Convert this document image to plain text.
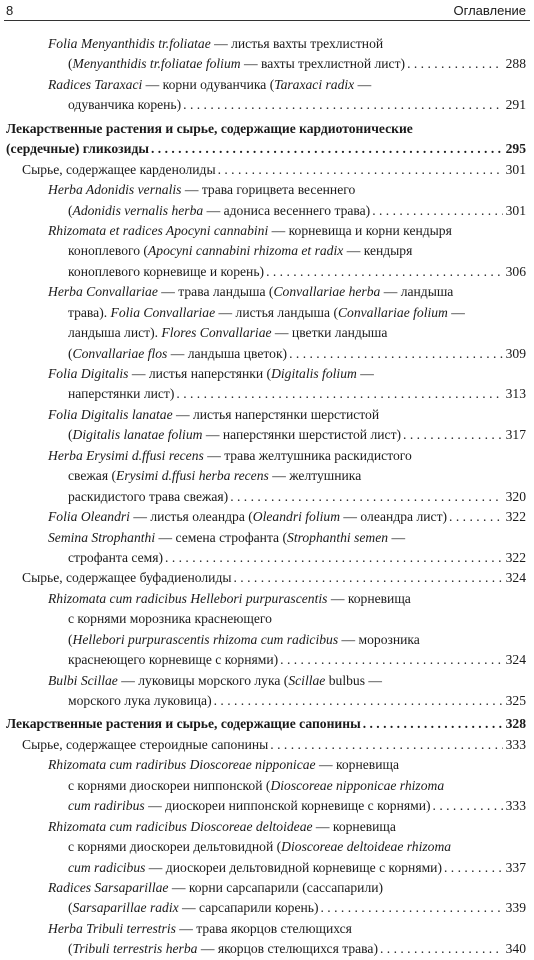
8	Оглавление
Folia Menyanthidis tr.foliatae — листья вахты трехлистной
(Menyanthidis tr.foliatae folium — вахты трехлистной лист) . . .	288
Radices Taraxaci — корни одуванчика (Taraxaci radix —
одуванчика корень) . . .	291
Лекарственные растения и сырье, содержащие кардиотонические
(сердечные) гликозиды . . .	295
Сырье, содержащее карденолиды . . .	301
Herba Adonidis vernalis — трава горицвета весеннего
(Adonidis vernalis herba — адониса весеннего трава) . . .	301
Rhizomata et radices Apocyni cannabini — корневища и корни кендыря
коноплевого (Apocyni cannabini rhizoma et radix — кендыря
коноплевого корневище и корень) . . .	306
Herba Convallariae — трава ландыша (Convallariae herba — ландыша
трава). Folia Convallariae — листья ландыша (Convallariae folium —
ландыша лист). Flores Convallariae — цветки ландыша
(Convallariae flos — ландыша цветок) . . .	309
Folia Digitalis — листья наперстянки (Digitalis folium —
наперстянки лист) . . .	313
Folia Digitalis lanatae — листья наперстянки шерстистой
(Digitalis lanatae folium — наперстянки шерстистой лист) . . .	317
Herba Erysimi d.ffusi recens — трава желтушника раскидистого
свежая (Erysimi d.ffusi herba recens — желтушника
раскидистого трава свежая) . . .	320
Folia Oleandri — листья олеандра (Oleandri folium — олеандра лист) . . .	322
Semina Strophanthi — семена строфанта (Strophanthi semen —
строфанта семя) . . .	322
Сырье, содержащее буфадиенолиды . . .	324
Rhizomata cum radicibus Hellebori purpurascentis — корневища
с корнями морозника краснеющего
(Hellebori purpurascentis rhizoma cum radicibus — морозника
краснеющего корневище с корнями) . . .	324
Bulbi Scillae — луковицы морского лука (Scillae bulbus —
морского лука луковица) . . .	325
Лекарственные растения и сырье, содержащие сапонины . . .	328
Сырье, содержащее стероидные сапонины . . .	333
Rhizomata cum radiribus Dioscoreae nipponicae — корневища
с корнями диоскореи ниппонской (Dioscoreae nipponicae rhizoma
cum radiribus — диоскореи ниппонской корневище с корнями) . . .	333
Rhizomata cum radicibus Dioscoreae deltoideae — корневища
с корнями диоскореи дельтовидной (Dioscoreae deltoideae rhizoma
cum radicibus — диоскореи дельтовидной корневище с корнями) . . .	337
Radices Sarsaparillae — корни сарсапарили (сассапарили)
(Sarsaparillae radix — сарсапарили корень) . . .	339
Herba Tribuli terrestris — трава якорцов стелющихся
(Tribuli terrestris herba — якорцов стелющихся трава) . . .	340
